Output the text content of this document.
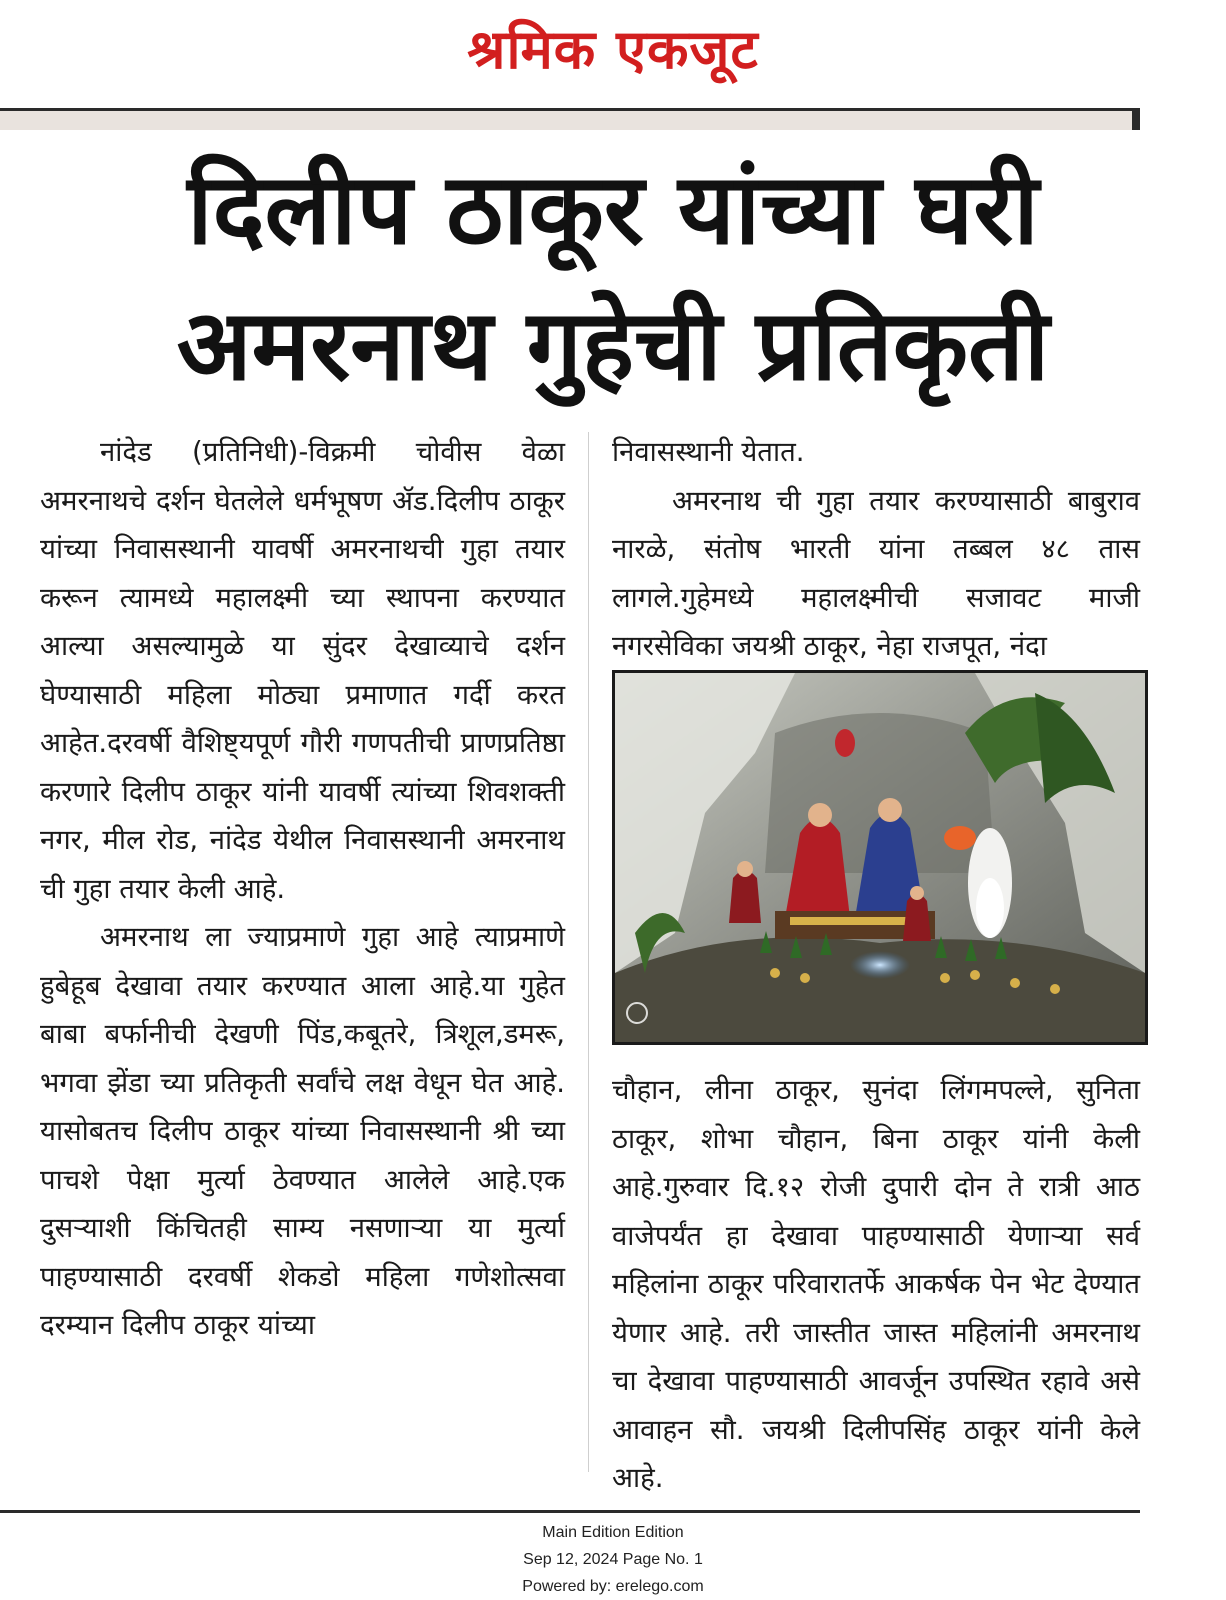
श्रमिक एकजूट
दिलीप ठाकूर यांच्या घरी
अमरनाथ गुहेची प्रतिकृती

नांदेड (प्रतिनिधी)-विक्रमी चोवीस वेळा अमरनाथचे दर्शन घेतलेले धर्मभूषण ॲड.दिलीप ठाकूर यांच्या निवासस्थानी यावर्षी अमरनाथची गुहा तयार करून त्यामध्ये महालक्ष्मी च्या स्थापना करण्यात आल्या असल्यामुळे या सुंदर देखाव्याचे दर्शन घेण्यासाठी महिला मोठ्या प्रमाणात गर्दी करत आहेत.दरवर्षी वैशिष्ट्यपूर्ण गौरी गणपतीची प्राणप्रतिष्ठा करणारे दिलीप ठाकूर यांनी यावर्षी त्यांच्या शिवशक्ती नगर, मील रोड, नांदेड येथील निवासस्थानी अमरनाथ ची गुहा तयार केली आहे.

अमरनाथ ला ज्याप्रमाणे गुहा आहे त्याप्रमाणे हुबेहूब देखावा तयार करण्यात आला आहे.या गुहेत बाबा बर्फानीची देखणी पिंड,कबूतरे, त्रिशूल,डमरू, भगवा झेंडा च्या प्रतिकृती सर्वांचे लक्ष वेधून घेत आहे. यासोबतच दिलीप ठाकूर यांच्या निवासस्थानी श्री च्या पाचशे पेक्षा मुर्त्या ठेवण्यात आलेले आहे.एक दुसऱ्याशी किंचितही साम्य नसणाऱ्या या मुर्त्या पाहण्यासाठी दरवर्षी शेकडो महिला गणेशोत्सवा दरम्यान दिलीप ठाकूर यांच्या

निवासस्थानी येतात.

अमरनाथ ची गुहा तयार करण्यासाठी बाबुराव नारळे, संतोष भारती यांना तब्बल ४८ तास लागले.गुहेमध्ये महालक्ष्मीची सजावट माजी नगरसेविका जयश्री ठाकूर, नेहा राजपूत, नंदा

चौहान, लीना ठाकूर, सुनंदा लिंगमपल्ले, सुनिता ठाकूर, शोभा चौहान, बिना ठाकूर यांनी केली आहे.गुरुवार दि.१२ रोजी दुपारी दोन ते रात्री आठ वाजेपर्यंत हा देखावा पाहण्यासाठी येणाऱ्या सर्व महिलांना ठाकूर परिवारातर्फे आकर्षक पेन भेट देण्यात येणार आहे. तरी जास्तीत जास्त महिलांनी अमरनाथ चा देखावा पाहण्यासाठी आवर्जून उपस्थित रहावे असे आवाहन सौ. जयश्री दिलीपसिंह ठाकूर यांनी केले आहे.

Main Edition Edition
Sep 12, 2024 Page No. 1
Powered by: erelego.com
